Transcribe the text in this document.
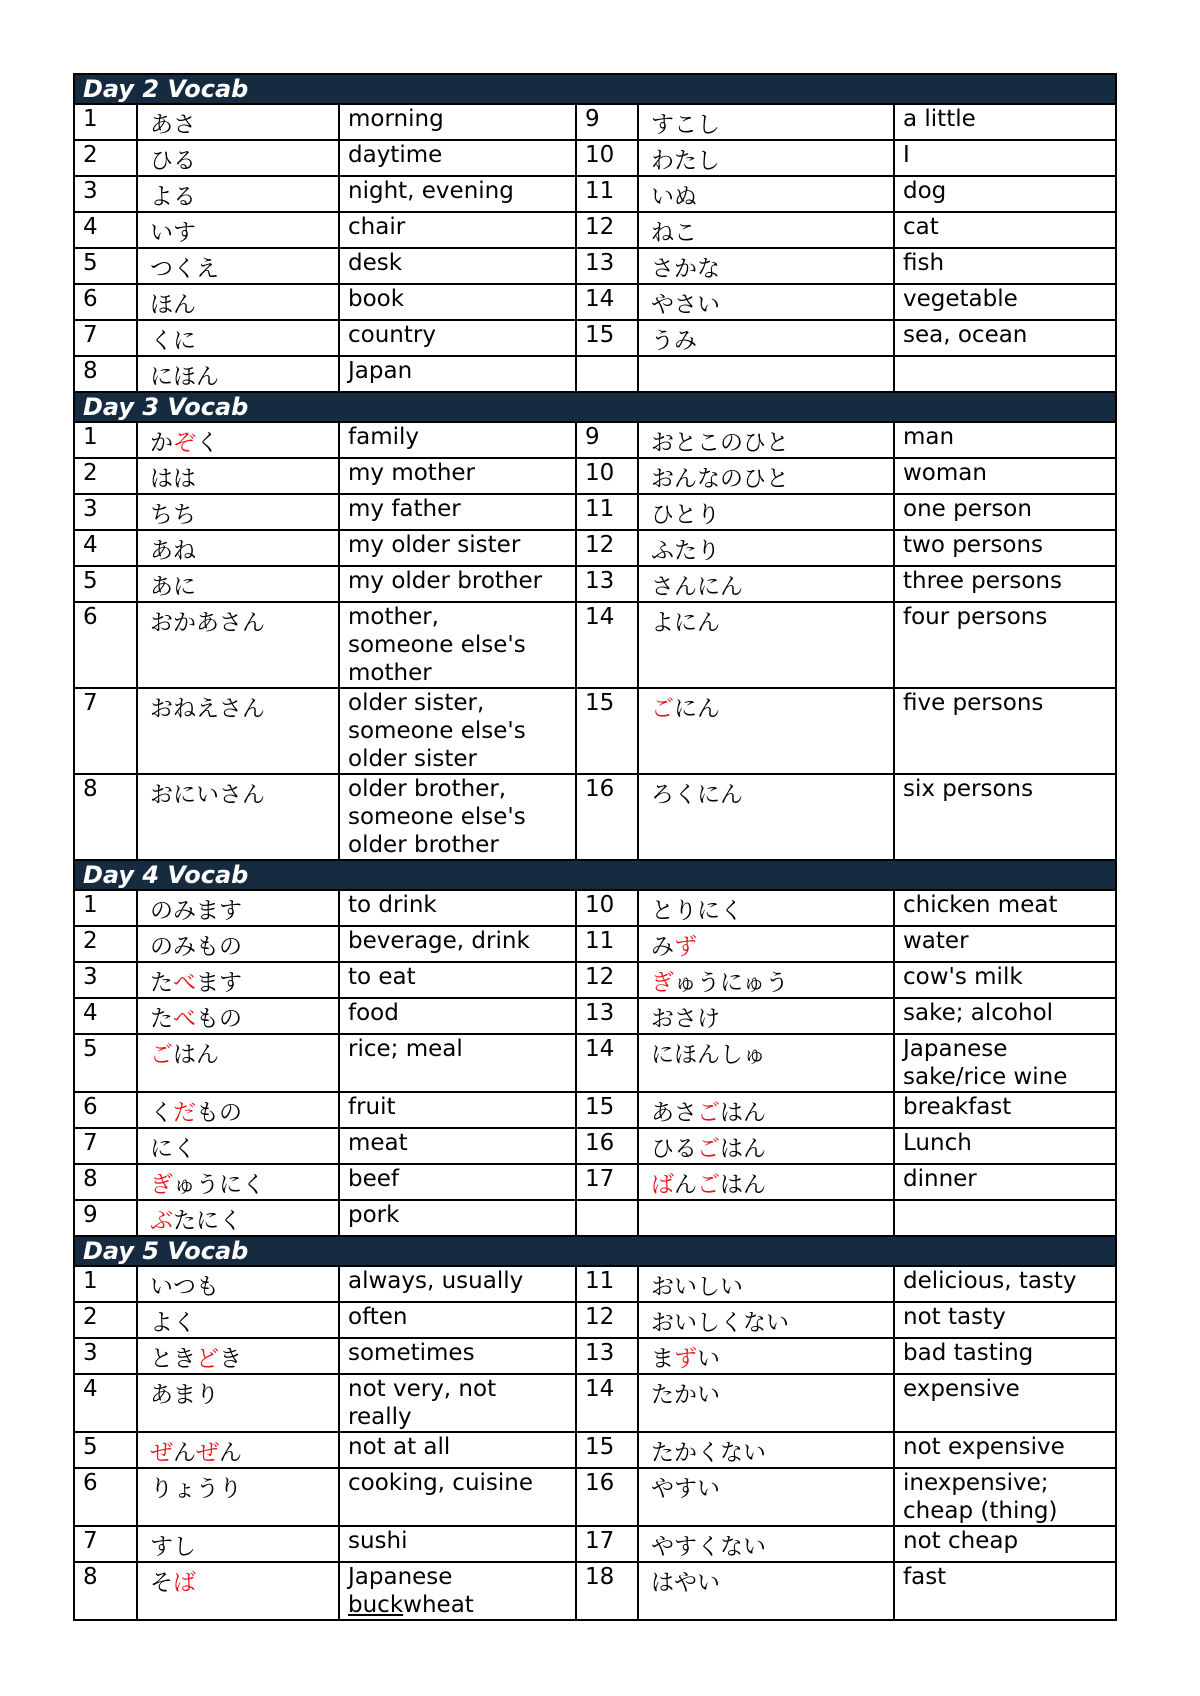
Day 2 Vocab					
1	あさ	morning	9	すこし	a little
2	ひる	daytime	10	わたし	I
3	よる	night, evening	11	いぬ	dog
4	いす	chair	12	ねこ	cat
5	つくえ	desk	13	さかな	fish
6	ほん	book	14	やさい	vegetable
7	くに	country	15	うみ	sea, ocean
8	にほん	Japan			
Day 3 Vocab					
1	かぞく	family	9	おとこのひと	man
2	はは	my mother	10	おんなのひと	woman
3	ちち	my father	11	ひとり	one person
4	あね	my older sister	12	ふたり	two persons
5	あに	my older brother	13	さんにん	three persons
6	おかあさん	mother,
someone else's
mother	14	よにん	four persons
7	おねえさん	older sister,
someone else's
older sister	15	ごにん	five persons
8	おにいさん	older brother,
someone else's
older brother	16	ろくにん	six persons
Day 4 Vocab					
1	のみます	to drink	10	とりにく	chicken meat
2	のみもの	beverage, drink	11	みず	water
3	たべます	to eat	12	ぎゅうにゅう	cow's milk
4	たべもの	food	13	おさけ	sake; alcohol
5	ごはん	rice; meal	14	にほんしゅ	Japanese
sake/rice wine
6	くだもの	fruit	15	あさごはん	breakfast
7	にく	meat	16	ひるごはん	Lunch
8	ぎゅうにく	beef	17	ばんごはん	dinner
9	ぶたにく	pork			
Day 5 Vocab					
1	いつも	always, usually	11	おいしい	delicious, tasty
2	よく	often	12	おいしくない	not tasty
3	ときどき	sometimes	13	まずい	bad tasting
4	あまり	not very, not
really	14	たかい	expensive
5	ぜんぜん	not at all	15	たかくない	not expensive
6	りょうり	cooking, cuisine	16	やすい	inexpensive;
cheap (thing)
7	すし	sushi	17	やすくない	not cheap
8	そば	Japanese
buckwheat	18	はやい	fast
